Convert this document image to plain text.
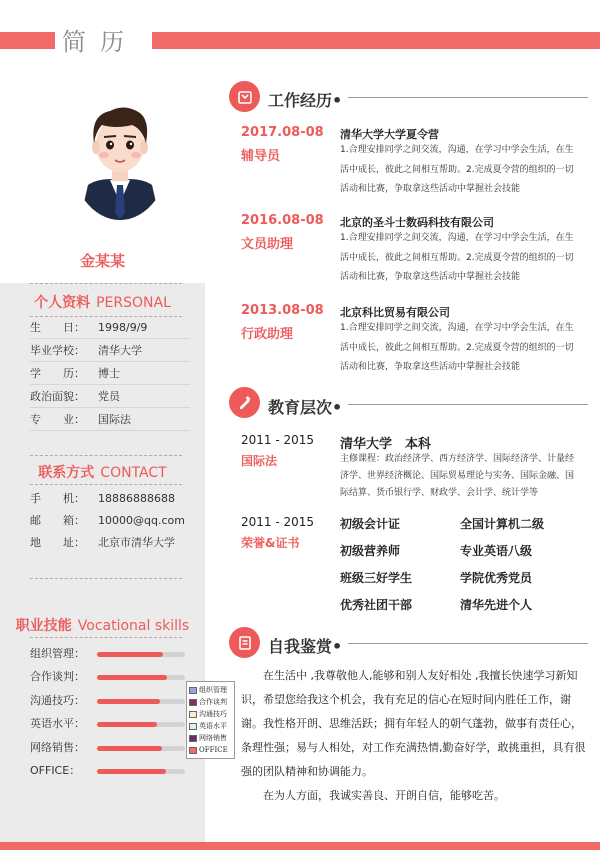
简历
金某某
个人资料 PERSONAL
生　　日：	1998/9/9
毕业学校：	清华大学
学　　历：	博士
政治面貌：	党员
专　　业：	国际法
联系方式 CONTACT
手　　机：	18886888688
邮　　箱：	10000@qq.com
地　　址：	北京市清华大学
职业技能 Vocational skills
组织管理：
合作谈判：
沟通技巧：
英语水平：
网络销售：
OFFICE：
组织管理
合作谈判
沟通技巧
英语水平
网络销售
OFFICE
工作经历•
2017.08-08
辅导员
清华大学大学夏令营
1.合理安排同学之间交流，沟通，在学习中学会生活，在生活中成长，彼此之间相互帮助。2.完成夏令营的组织的一切活动和比赛，争取拿这些活动中掌握社会技能
2016.08-08
文员助理
北京的圣斗士数码科技有限公司
1.合理安排同学之间交流，沟通，在学习中学会生活，在生活中成长，彼此之间相互帮助。2.完成夏令营的组织的一切活动和比赛，争取拿这些活动中掌握社会技能
2013.08-08
行政助理
北京科比贸易有限公司
1.合理安排同学之间交流，沟通，在学习中学会生活，在生活中成长，彼此之间相互帮助。2.完成夏令营的组织的一切活动和比赛，争取拿这些活动中掌握社会技能
教育层次•
2011 - 2015
国际法
清华大学　本科
主修课程：政治经济学、西方经济学、国际经济学、计量经济学、世界经济概论、国际贸易理论与实务、国际金融、国际结算、货币银行学、财政学、会计学、统计学等
2011 - 2015
荣誉&证书
初级会计证	全国计算机二级
初级营养师	专业英语八级
班级三好学生	学院优秀党员
优秀社团干部	清华先进个人
自我鉴赏•
在生活中 ,我尊敬他人,能够和别人友好相处 ,我擅长快速学习新知识，希望您给我这个机会，我有充足的信心在短时间内胜任工作，谢谢。 我性格开朗、思维活跃；拥有年轻人的朝气蓬勃，做事有责任心，条理性强；易与人相处，对工作充满热情,勤奋好学，敢挑重担，具有很强的团队精神和协调能力。
在为人方面，我诚实善良、开朗自信，能够吃苦。
